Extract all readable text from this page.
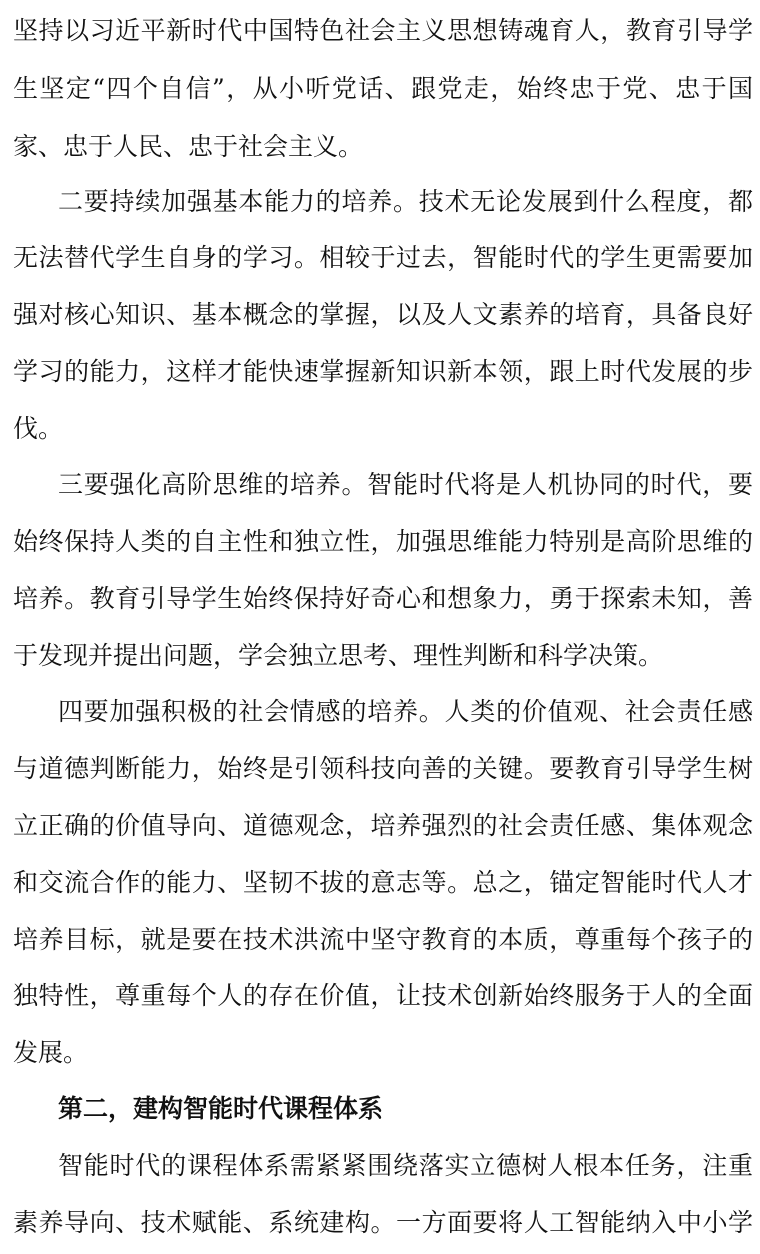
坚持以习近平新时代中国特色社会主义思想铸魂育人，教育引导学
生坚定“四个自信”，从小听党话、跟党走，始终忠于党、忠于国
家、忠于人民、忠于社会主义。
二要持续加强基本能力的培养。技术无论发展到什么程度，都
无法替代学生自身的学习。相较于过去，智能时代的学生更需要加
强对核心知识、基本概念的掌握，以及人文素养的培育，具备良好
学习的能力，这样才能快速掌握新知识新本领，跟上时代发展的步
伐。
三要强化高阶思维的培养。智能时代将是人机协同的时代，要
始终保持人类的自主性和独立性，加强思维能力特别是高阶思维的
培养。教育引导学生始终保持好奇心和想象力，勇于探索未知，善
于发现并提出问题，学会独立思考、理性判断和科学决策。
四要加强积极的社会情感的培养。人类的价值观、社会责任感
与道德判断能力，始终是引领科技向善的关键。要教育引导学生树
立正确的价值导向、道德观念，培养强烈的社会责任感、集体观念
和交流合作的能力、坚韧不拔的意志等。总之，锚定智能时代人才
培养目标，就是要在技术洪流中坚守教育的本质，尊重每个孩子的
独特性，尊重每个人的存在价值，让技术创新始终服务于人的全面
发展。
第二，建构智能时代课程体系
智能时代的课程体系需紧紧围绕落实立德树人根本任务，注重
素养导向、技术赋能、系统建构。一方面要将人工智能纳入中小学
